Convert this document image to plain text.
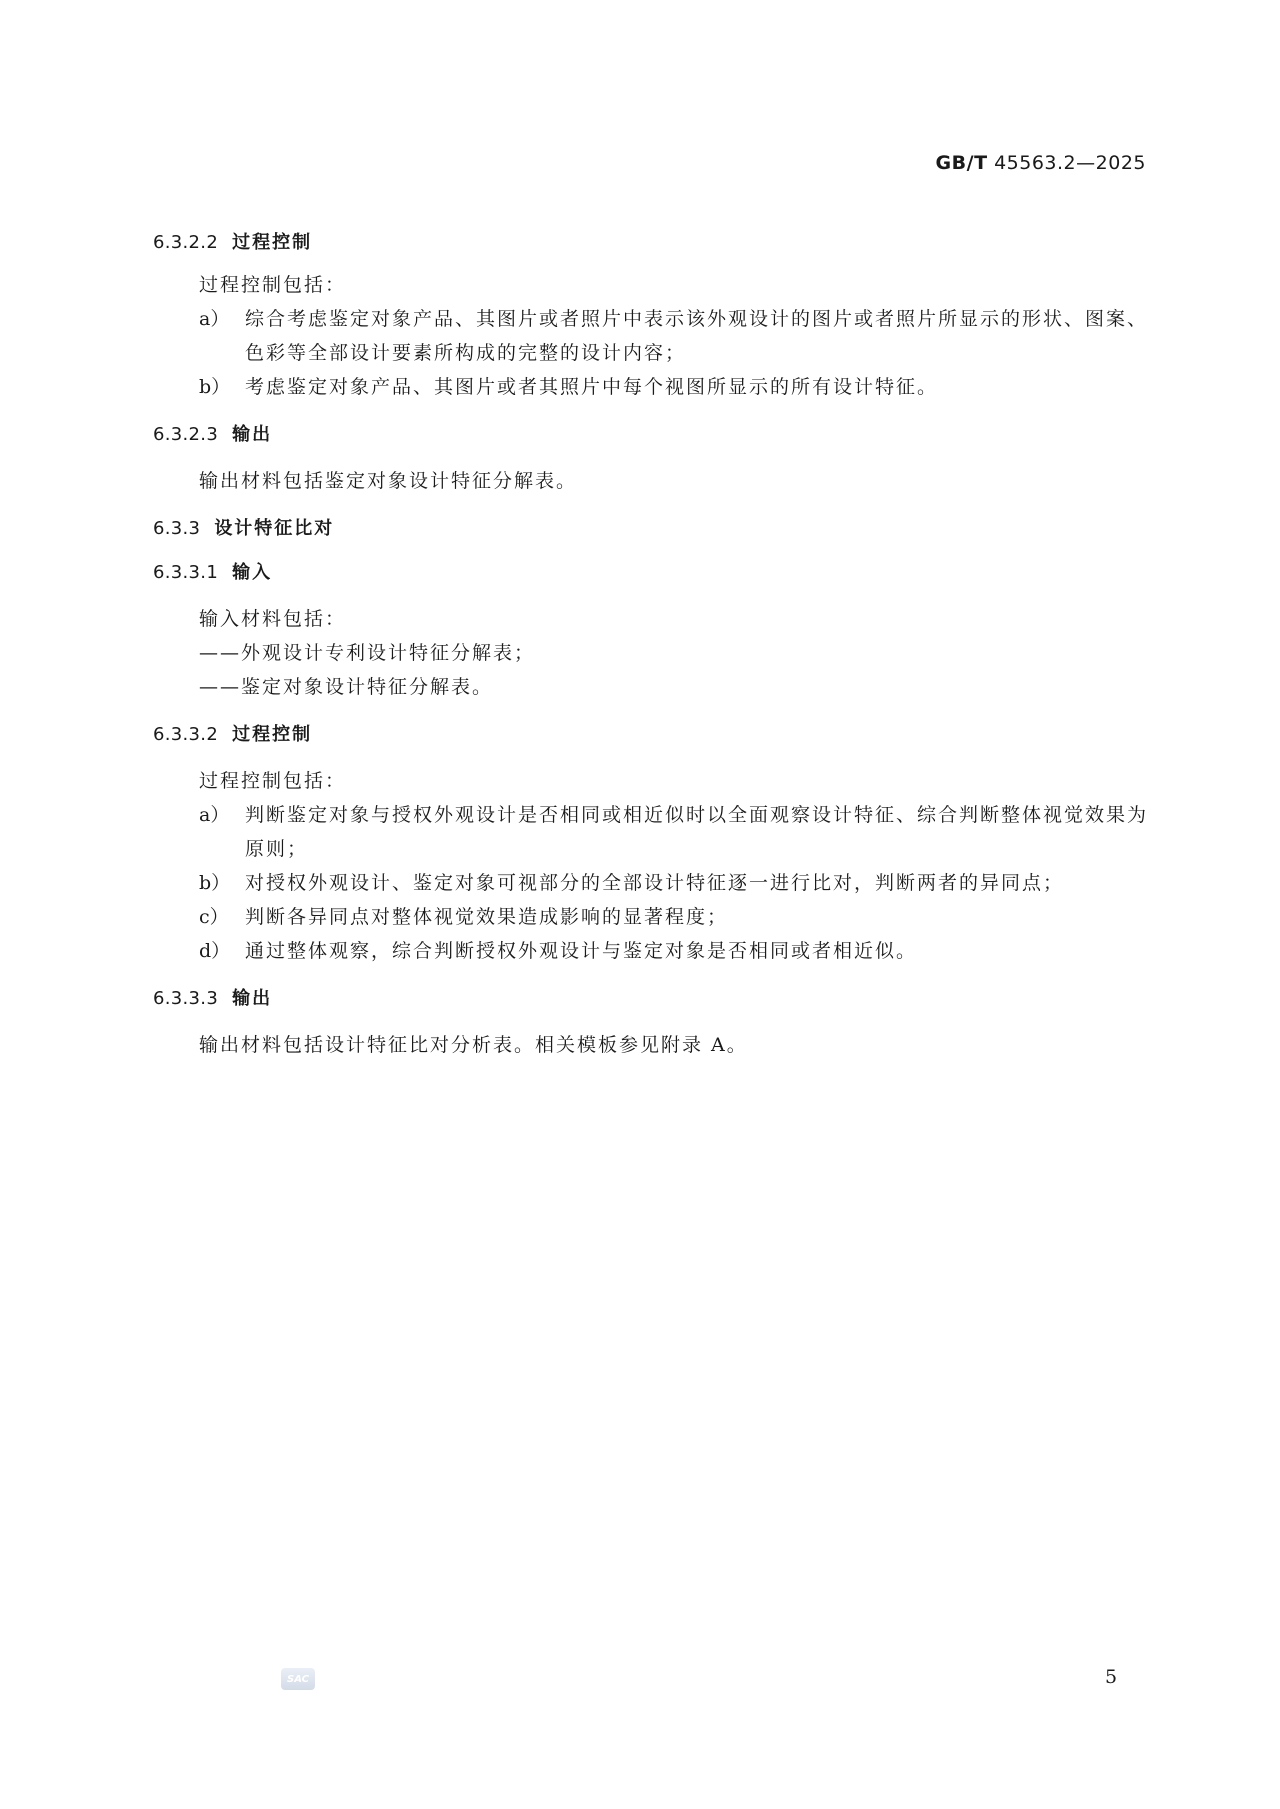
GB/T 45563.2—2025

6.3.2.2 过程控制

过程控制包括：

a） 综合考虑鉴定对象产品、其图片或者照片中表示该外观设计的图片或者照片所显示的形状、图案、色彩等全部设计要素所构成的完整的设计内容；
b） 考虑鉴定对象产品、其图片或者其照片中每个视图所显示的所有设计特征。

6.3.2.3 输出

输出材料包括鉴定对象设计特征分解表。

6.3.3 设计特征比对

6.3.3.1 输入

输入材料包括：

——外观设计专利设计特征分解表；

——鉴定对象设计特征分解表。

6.3.3.2 过程控制

过程控制包括：

a） 判断鉴定对象与授权外观设计是否相同或相近似时以全面观察设计特征、综合判断整体视觉效果为原则；
b） 对授权外观设计、鉴定对象可视部分的全部设计特征逐一进行比对，判断两者的异同点；
c） 判断各异同点对整体视觉效果造成影响的显著程度；
d） 通过整体观察，综合判断授权外观设计与鉴定对象是否相同或者相近似。

6.3.3.3 输出

输出材料包括设计特征比对分析表。相关模板参见附录 A。

SAC	5
